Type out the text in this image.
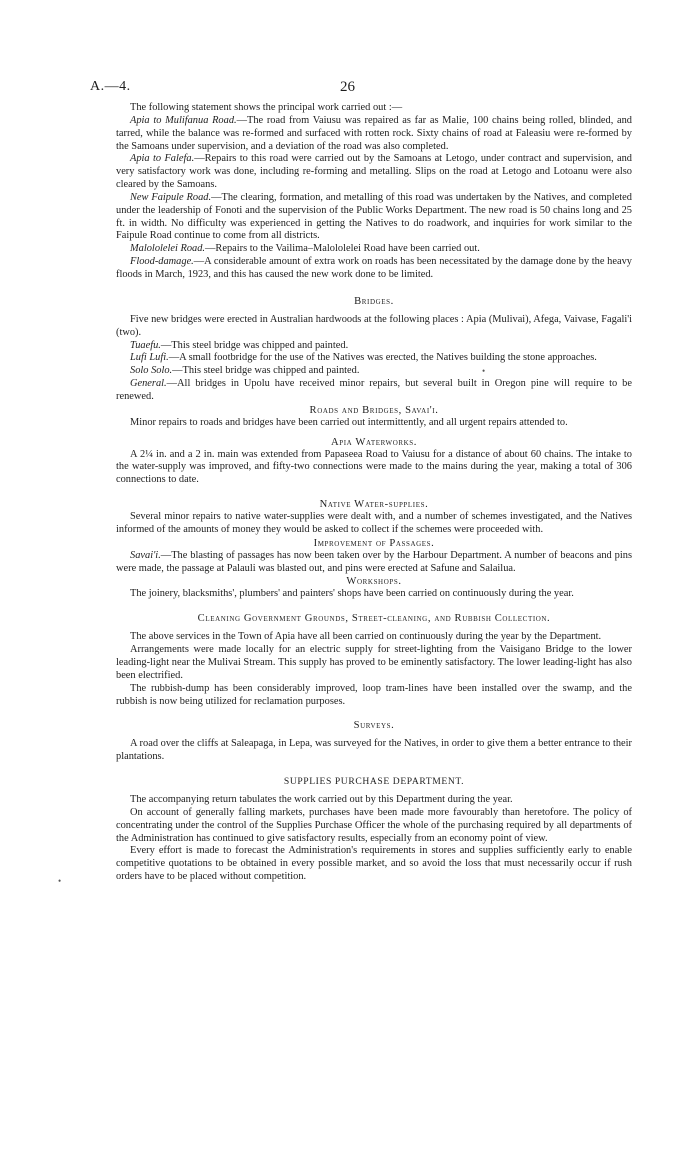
A.—4.	26
•
•

The following statement shows the principal work carried out :—

Apia to Mulifanua Road.—The road from Vaiusu was repaired as far as Malie, 100 chains being rolled, blinded, and tarred, while the balance was re-formed and surfaced with rotten rock. Sixty chains of road at Faleasiu were re-formed by the Samoans under supervision, and a deviation of the road was also completed.

Apia to Falefa.—Repairs to this road were carried out by the Samoans at Letogo, under contract and supervision, and very satisfactory work was done, including re-forming and metalling. Slips on the road at Letogo and Lotoanu were also cleared by the Samoans.

New Faipule Road.—The clearing, formation, and metalling of this road was undertaken by the Natives, and completed under the leadership of Fonoti and the supervision of the Public Works Department. The new road is 50 chains long and 25 ft. in width. No difficulty was experienced in getting the Natives to do roadwork, and inquiries for work similar to the Faipule Road continue to come from all districts.

Malololelei Road.—Repairs to the Vailima–Malololelei Road have been carried out.

Flood-damage.—A considerable amount of extra work on roads has been necessitated by the damage done by the heavy floods in March, 1923, and this has caused the new work done to be limited.

Bridges.

Five new bridges were erected in Australian hardwoods at the following places : Apia (Mulivai), Afega, Vaivase, Fagali'i (two).

Tuaefu.—This steel bridge was chipped and painted.

Lufi Lufi.—A small footbridge for the use of the Natives was erected, the Natives building the stone approaches.

Solo Solo.—This steel bridge was chipped and painted.

General.—All bridges in Upolu have received minor repairs, but several built in Oregon pine will require to be renewed.

Roads and Bridges, Savai'i.

Minor repairs to roads and bridges have been carried out intermittently, and all urgent repairs attended to.

Apia Waterworks.

A 2¼ in. and a 2 in. main was extended from Papaseea Road to Vaiusu for a distance of about 60 chains. The intake to the water-supply was improved, and fifty-two connections were made to the mains during the year, making a total of 306 connections to date.

Native Water-supplies.

Several minor repairs to native water-supplies were dealt with, and a number of schemes investigated, and the Natives informed of the amounts of money they would be asked to collect if the schemes were proceeded with.

Improvement of Passages.

Savai'i.—The blasting of passages has now been taken over by the Harbour Department. A number of beacons and pins were made, the passage at Palauli was blasted out, and pins were erected at Safune and Salailua.

Workshops.

The joinery, blacksmiths', plumbers' and painters' shops have been carried on continuously during the year.

Cleaning Government Grounds, Street-cleaning, and Rubbish Collection.

The above services in the Town of Apia have all been carried on continuously during the year by the Department.

Arrangements were made locally for an electric supply for street-lighting from the Vaisigano Bridge to the lower leading-light near the Mulivai Stream. This supply has proved to be eminently satisfactory. The lower leading-light has also been electrified.

The rubbish-dump has been considerably improved, loop tram-lines have been installed over the swamp, and the rubbish is now being utilized for reclamation purposes.

Surveys.

A road over the cliffs at Saleapaga, in Lepa, was surveyed for the Natives, in order to give them a better entrance to their plantations.

SUPPLIES PURCHASE DEPARTMENT.

The accompanying return tabulates the work carried out by this Department during the year.

On account of generally falling markets, purchases have been made more favourably than heretofore. The policy of concentrating under the control of the Supplies Purchase Officer the whole of the purchasing required by all departments of the Administration has continued to give satisfactory results, especially from an economy point of view.

Every effort is made to forecast the Administration's requirements in stores and supplies sufficiently early to enable competitive quotations to be obtained in every possible market, and so avoid the loss that must necessarily occur if rush orders have to be placed without competition.
